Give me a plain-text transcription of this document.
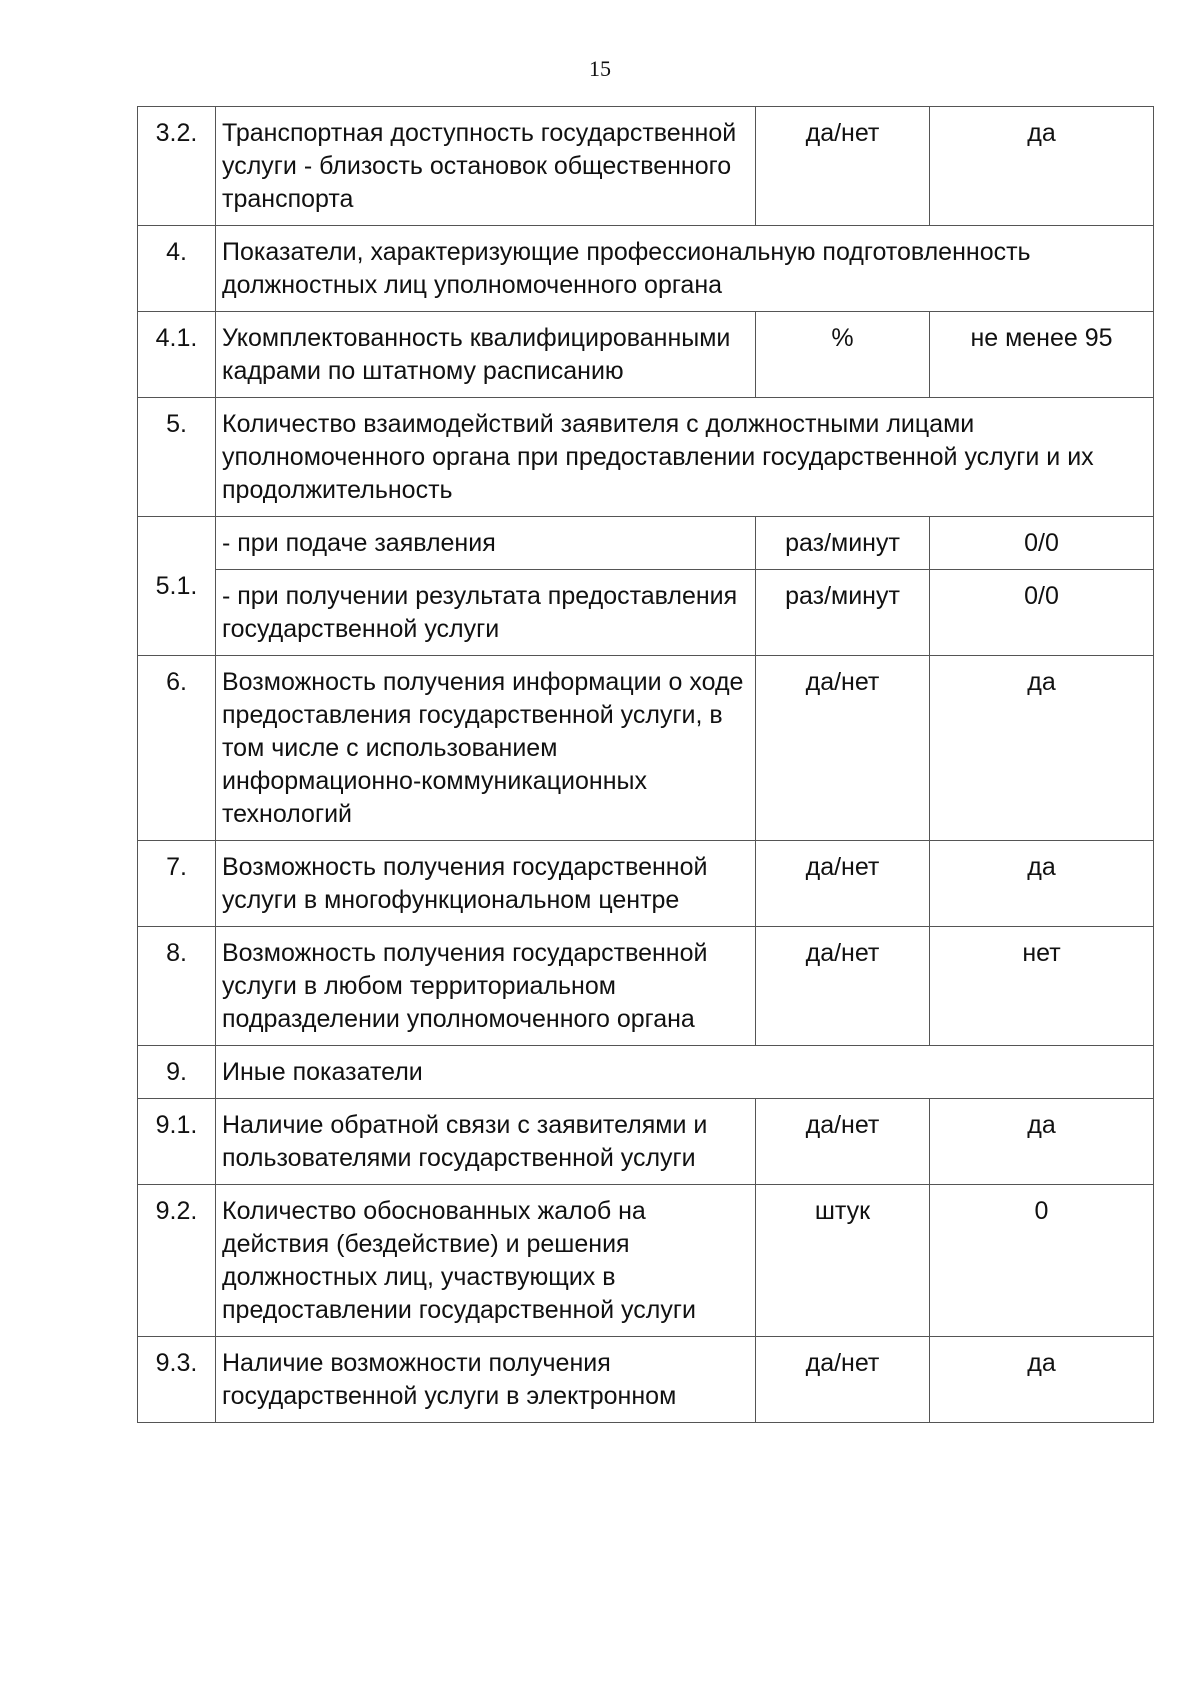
15
3.2.	Транспортная доступность государственной услуги - близость остановок общественного транспорта	да/нет	да
4.	Показатели, характеризующие профессиональную подготовленность должностных лиц уполномоченного органа		
4.1.	Укомплектованность квалифицированными кадрами по штатному расписанию	%	не менее 95
5.	Количество взаимодействий заявителя с должностными лицами уполномоченного органа при предоставлении государственной услуги и их продолжительность		
5.1.	- при подаче заявления	раз/минут	0/0
	- при получении результата предоставления государственной услуги	раз/минут	0/0
6.	Возможность получения информации о ходе предоставления государственной услуги, в том числе с использованием информационно-коммуникационных технологий	да/нет	да
7.	Возможность получения государственной услуги в многофункциональном центре	да/нет	да
8.	Возможность получения государственной услуги в любом территориальном подразделении уполномоченного органа	да/нет	нет
9.	Иные показатели		
9.1.	Наличие обратной связи с заявителями и пользователями государственной услуги	да/нет	да
9.2.	Количество обоснованных жалоб на действия (бездействие) и решения должностных лиц, участвующих в предоставлении государственной услуги	штук	0
9.3.	Наличие возможности получения государственной услуги в электронном	да/нет	да
